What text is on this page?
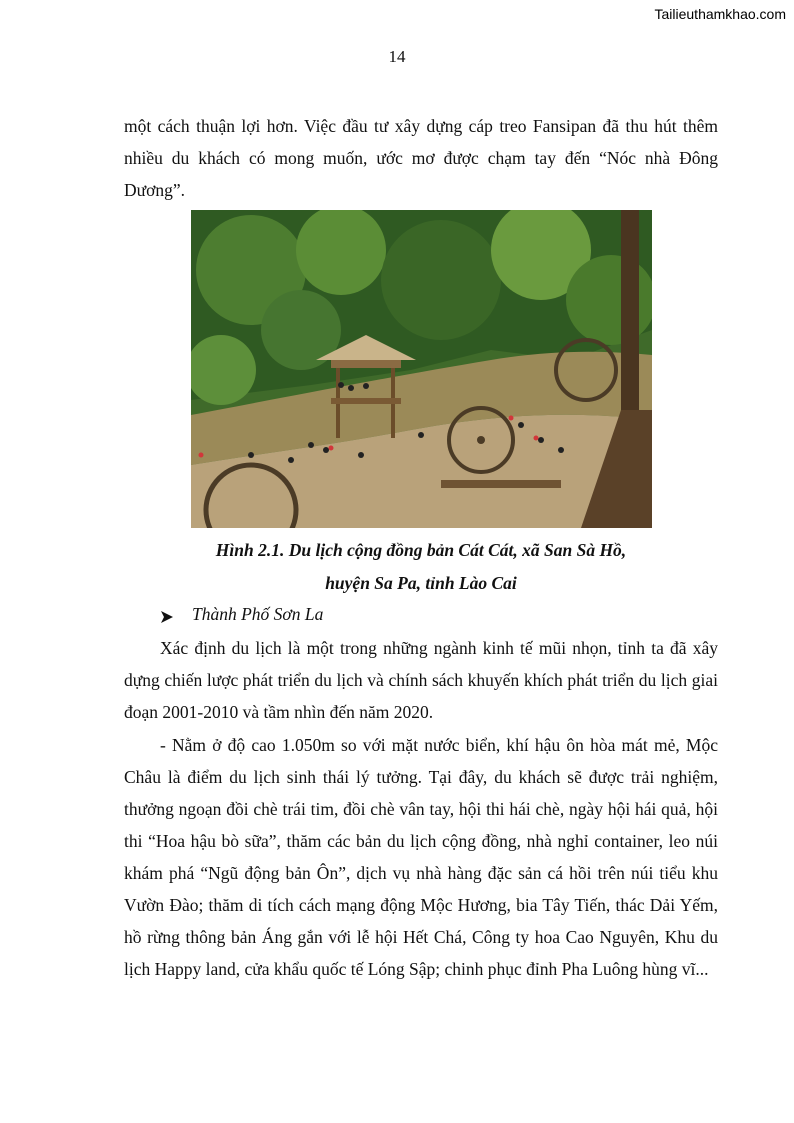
Tailieuthamkhao.com
14

một cách thuận lợi hơn. Việc đầu tư xây dựng cáp treo Fansipan đã thu hút thêm nhiều du khách có mong muốn, ước mơ được chạm tay đến “Nóc nhà Đông Dương”.

Hình 2.1. Du lịch cộng đồng bản Cát Cát, xã San Sà Hồ,
huyện Sa Pa, tỉnh Lào Cai
Thành Phố Sơn La

Xác định du lịch là một trong những ngành kinh tế mũi nhọn, tỉnh ta đã xây dựng chiến lược phát triển du lịch và chính sách khuyến khích phát triển du lịch giai đoạn 2001-2010 và tầm nhìn đến năm 2020.

- Nằm ở độ cao 1.050m so với mặt nước biển, khí hậu ôn hòa mát mẻ, Mộc Châu là điểm du lịch sinh thái lý tưởng. Tại đây, du khách sẽ được trải nghiệm, thưởng ngoạn đồi chè trái tim, đồi chè vân tay, hội thi hái chè, ngày hội hái quả, hội thi “Hoa hậu bò sữa”, thăm các bản du lịch cộng đồng, nhà nghỉ container, leo núi khám phá “Ngũ động bản Ôn”, dịch vụ nhà hàng đặc sản cá hồi trên núi tiểu khu Vườn Đào; thăm di tích cách mạng động Mộc Hương, bia Tây Tiến, thác Dải Yếm, hồ rừng thông bản Áng gắn với lễ hội Hết Chá, Công ty hoa Cao Nguyên, Khu du lịch Happy land, cửa khẩu quốc tế Lóng Sập; chinh phục đỉnh Pha Luông hùng vĩ...
